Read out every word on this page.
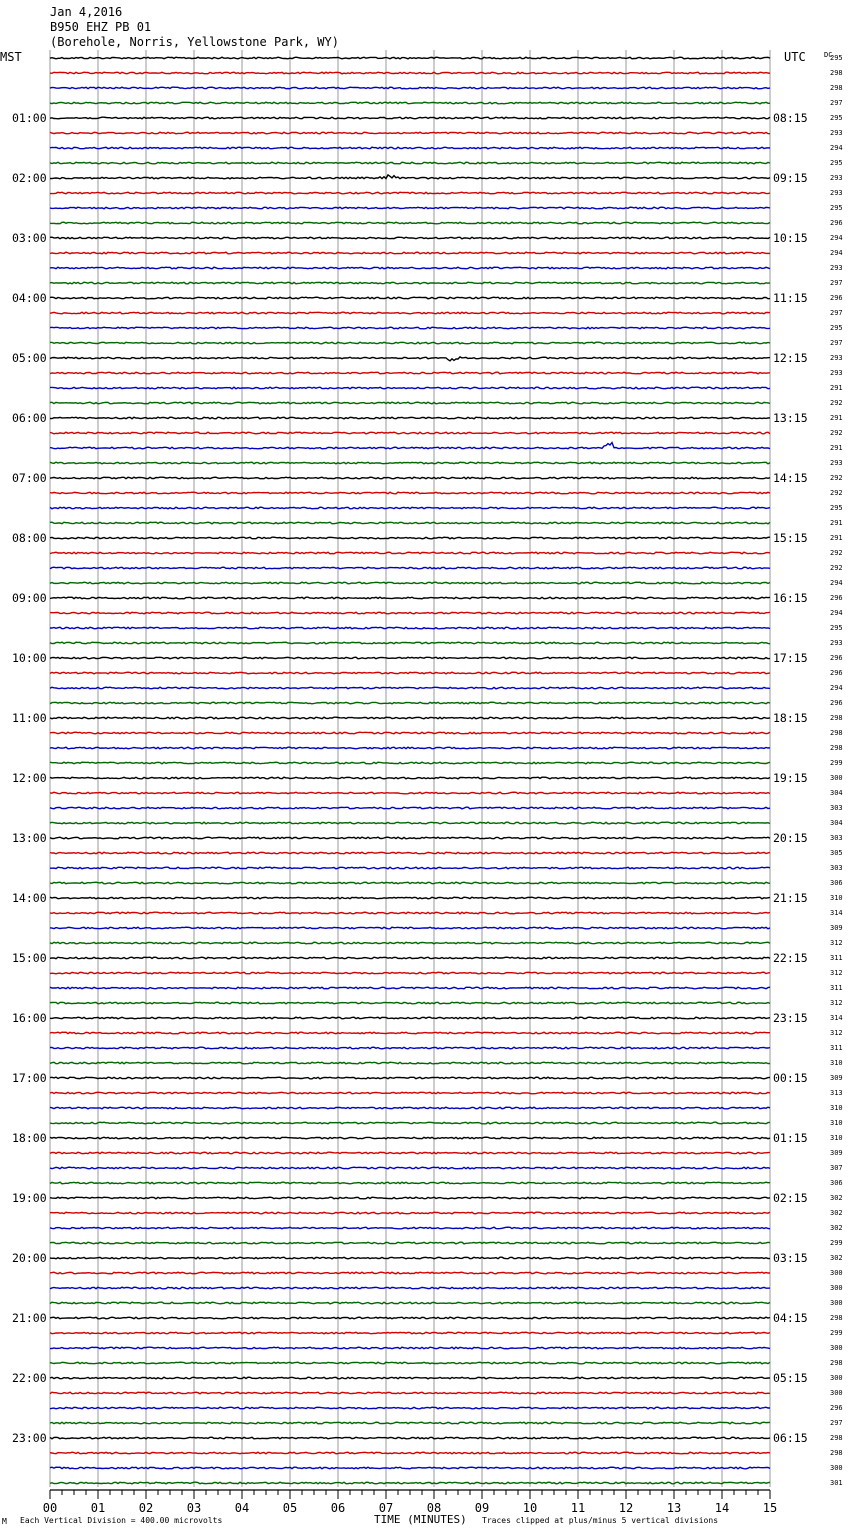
Jan 4,2016
B950 EHZ PB 01
(Borehole, Norris, Yellowstone Park, WY)
MST	UTC	DC
01:00	08:15
02:00	09:15
03:00	10:15
04:00	11:15
05:00	12:15
06:00	13:15
07:00	14:15
08:00	15:15
09:00	16:15
10:00	17:15
11:00	18:15
12:00	19:15
13:00	20:15
14:00	21:15
15:00	22:15
16:00	23:15
17:00	00:15
18:00	01:15
19:00	02:15
20:00	03:15
21:00	04:15
22:00	05:15
23:00	06:15
295
298
298
297
295
293
294
295
293
293
295
296
294
294
293
297
296
297
295
297
293
293
291
292
291
292
291
293
292
292
295
291
291
292
292
294
296
294
295
293
296
296
294
296
298
298
298
299
300
304
303
304
303
305
303
306
310
314
309
312
311
312
311
312
314
312
311
310
309
313
310
310
310
309
307
306
302
302
302
299
302
300
300
300
298
299
300
298
300
300
296
297
298
298
300
301
00	01	02	03	04	05	06	07	08	09	10	11	12	13	14	15
M Each Vertical Division = 400.00 microvolts	TIME (MINUTES) Traces clipped at plus/minus 5 vertical divisions
